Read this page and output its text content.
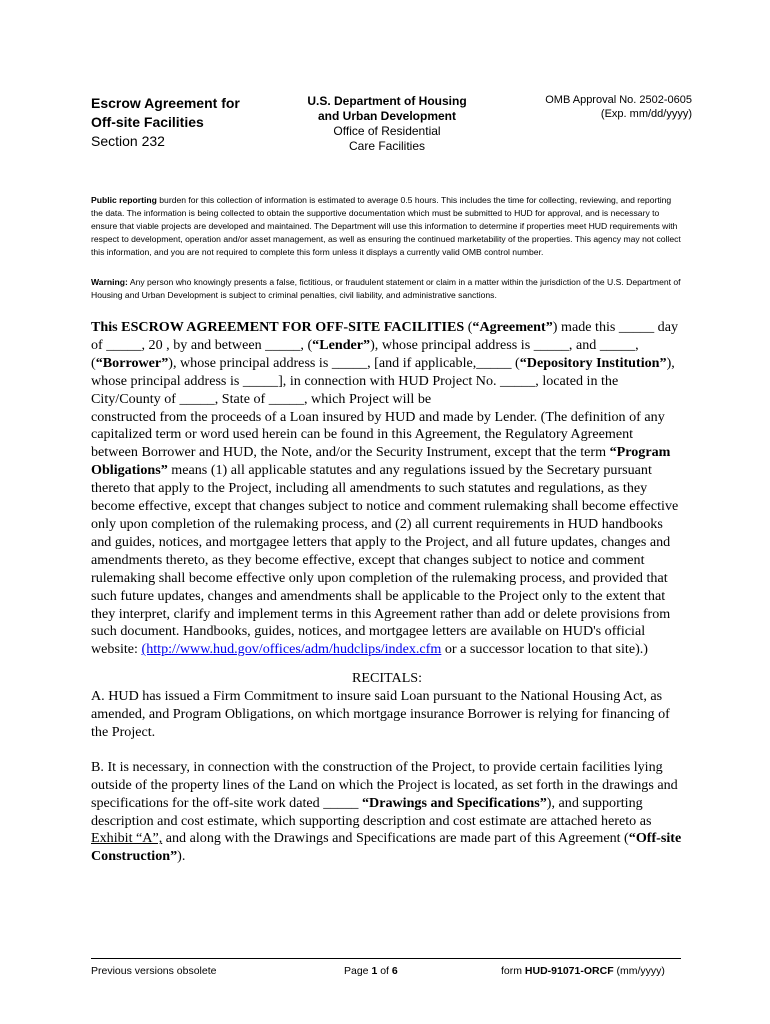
Escrow Agreement for
Off-site Facilities
Section 232
U.S. Department of Housing
and Urban Development
Office of Residential
Care Facilities
OMB Approval No. 2502-0605
(Exp. mm/dd/yyyy)
Public reporting burden for this collection of information is estimated to average 0.5 hours. This includes the time for collecting, reviewing, and reporting the data. The information is being collected to obtain the supportive documentation which must be submitted to HUD for approval, and is necessary to ensure that viable projects are developed and maintained. The Department will use this information to determine if properties meet HUD requirements with respect to development, operation and/or asset management, as well as ensuring the continued marketability of the properties. This agency may not collect this information, and you are not required to complete this form unless it displays a currently valid OMB control number.
Warning: Any person who knowingly presents a false, fictitious, or fraudulent statement or claim in a matter within the jurisdiction of the U.S. Department of Housing and Urban Development is subject to criminal penalties, civil liability, and administrative sanctions.

This ESCROW AGREEMENT FOR OFF-SITE FACILITIES (“Agreement”) made this _____ day of _____, 20 , by and between _____, (“Lender”), whose principal address is _____, and _____, (“Borrower”), whose principal address is _____, [and if applicable,_____ (“Depository Institution”), whose principal address is _____], in connection with HUD Project No. _____, located in the City/County of _____, State of _____, which Project will be

constructed from the proceeds of a Loan insured by HUD and made by Lender. (The definition of any capitalized term or word used herein can be found in this Agreement, the Regulatory Agreement between Borrower and HUD, the Note, and/or the Security Instrument, except that the term “Program Obligations” means (1) all applicable statutes and any regulations issued by the Secretary pursuant thereto that apply to the Project, including all amendments to such statutes and regulations, as they become effective, except that changes subject to notice and comment rulemaking shall become effective only upon completion of the rulemaking process, and (2) all current requirements in HUD handbooks and guides, notices, and mortgagee letters that apply to the Project, and all future updates, changes and amendments thereto, as they become effective, except that changes subject to notice and comment rulemaking shall become effective only upon completion of the rulemaking process, and provided that such future updates, changes and amendments shall be applicable to the Project only to the extent that they interpret, clarify and implement terms in this Agreement rather than add or delete provisions from such document. Handbooks, guides, notices, and mortgagee letters are available on HUD's official website: (http://www.hud.gov/offices/adm/hudclips/index.cfm or a successor location to that site).)

RECITALS:

A. HUD has issued a Firm Commitment to insure said Loan pursuant to the National Housing Act, as amended, and Program Obligations, on which mortgage insurance Borrower is relying for financing of the Project.

B. It is necessary, in connection with the construction of the Project, to provide certain facilities lying outside of the property lines of the Land on which the Project is located, as set forth in the drawings and specifications for the off-site work dated _____ “Drawings and Specifications”), and supporting description and cost estimate, which supporting description and cost estimate are attached hereto as Exhibit “A”, and along with the Drawings and Specifications are made part of this Agreement (“Off-site Construction”).

Previous versions obsolete	Page 1 of 6	form HUD-91071-ORCF (mm/yyyy)
